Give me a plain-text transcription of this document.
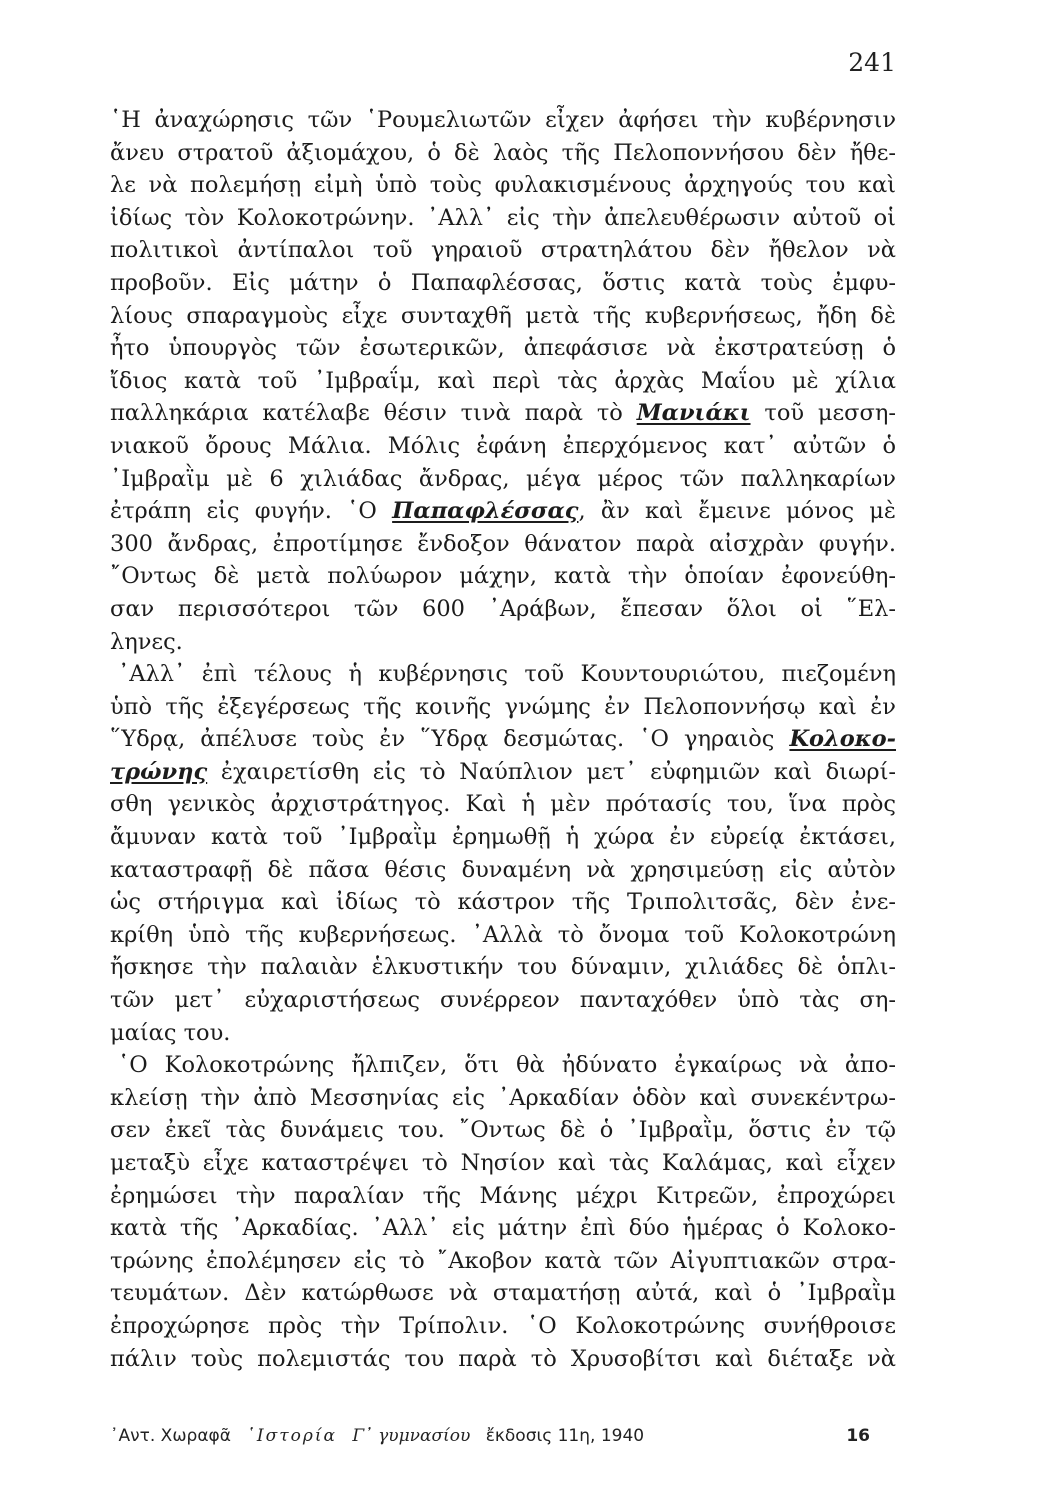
241
῾Η ἀναχώρησις τῶν ῾Ρουμελιωτῶν εἶχεν ἀφήσει τὴν κυβέρνησιν
ἄνευ στρατοῦ ἀξιομάχου, ὁ δὲ λαὸς τῆς Πελοποννήσου δὲν ἤθε-
λε νὰ πολεμήσῃ εἰμὴ ὑπὸ τοὺς φυλακισμένους ἀρχηγούς του καὶ
ἰδίως τὸν Κολοκοτρώνην. ᾿Αλλ᾿ εἰς τὴν ἀπελευθέρωσιν αὐτοῦ οἱ
πολιτικοὶ ἀντίπαλοι τοῦ γηραιοῦ στρατηλάτου δὲν ἤθελον νὰ
προβοῦν. Εἰς μάτην ὁ Παπαφλέσσας, ὅστις κατὰ τοὺς ἐμφυ-
λίους σπαραγμοὺς εἶχε συνταχθῆ μετὰ τῆς κυβερνήσεως, ἤδη δὲ
ἦτο ὑπουργὸς τῶν ἐσωτερικῶν, ἀπεφάσισε νὰ ἐκστρατεύσῃ ὁ
ἴδιος κατὰ τοῦ ᾿Ιμβραΐμ, καὶ περὶ τὰς ἀρχὰς Μαΐου μὲ χίλια
παλληκάρια κατέλαβε θέσιν τινὰ παρὰ τὸ Μανιάκι τοῦ μεσση-
νιακοῦ ὄρους Μάλια. Μόλις ἐφάνη ἐπερχόμενος κατ᾿ αὐτῶν ὁ
᾿Ιμβραῒμ μὲ 6 χιλιάδας ἄνδρας, μέγα μέρος τῶν παλληκαρίων
ἐτράπη εἰς φυγήν. ῾Ο Παπαφλέσσας, ἂν καὶ ἔμεινε μόνος μὲ
300 ἄνδρας, ἐπροτίμησε ἔνδοξον θάνατον παρὰ αἰσχρὰν φυγήν.
῎Οντως δὲ μετὰ πολύωρον μάχην, κατὰ τὴν ὁποίαν ἐφονεύθη-
σαν περισσότεροι τῶν 600 ᾿Αράβων, ἔπεσαν ὅλοι οἱ ῞Ελ-
ληνες.
᾿Αλλ᾿ ἐπὶ τέλους ἡ κυβέρνησις τοῦ Κουντουριώτου, πιεζομένη
ὑπὸ τῆς ἐξεγέρσεως τῆς κοινῆς γνώμης ἐν Πελοποννήσῳ καὶ ἐν
῞Υδρᾳ, ἀπέλυσε τοὺς ἐν ῞Υδρᾳ δεσμώτας. ῾Ο γηραιὸς Κολοκο-
τρώνης ἐχαιρετίσθη εἰς τὸ Ναύπλιον μετ᾿ εὐφημιῶν καὶ διωρί-
σθη γενικὸς ἀρχιστράτηγος. Καὶ ἡ μὲν πρότασίς του, ἵνα πρὸς
ἄμυναν κατὰ τοῦ ᾿Ιμβραῒμ ἐρημωθῇ ἡ χώρα ἐν εὐρείᾳ ἐκτάσει,
καταστραφῇ δὲ πᾶσα θέσις δυναμένη νὰ χρησιμεύσῃ εἰς αὐτὸν
ὡς στήριγμα καὶ ἰδίως τὸ κάστρον τῆς Τριπολιτσᾶς, δὲν ἐνε-
κρίθη ὑπὸ τῆς κυβερνήσεως. ᾿Αλλὰ τὸ ὄνομα τοῦ Κολοκοτρώνη
ἤσκησε τὴν παλαιὰν ἑλκυστικήν του δύναμιν, χιλιάδες δὲ ὁπλι-
τῶν μετ᾿ εὐχαριστήσεως συνέρρεον πανταχόθεν ὑπὸ τὰς ση-
μαίας του.
῾Ο Κολοκοτρώνης ἤλπιζεν, ὅτι θὰ ἠδύνατο ἐγκαίρως νὰ ἀπο-
κλείσῃ τὴν ἀπὸ Μεσσηνίας εἰς ᾿Αρκαδίαν ὁδὸν καὶ συνεκέντρω-
σεν ἐκεῖ τὰς δυνάμεις του. ῎Οντως δὲ ὁ ᾿Ιμβραῒμ, ὅστις ἐν τῷ
μεταξὺ εἶχε καταστρέψει τὸ Νησίον καὶ τὰς Καλάμας, καὶ εἶχεν
ἐρημώσει τὴν παραλίαν τῆς Μάνης μέχρι Κιτρεῶν, ἐπροχώρει
κατὰ τῆς ᾿Αρκαδίας. ᾿Αλλ᾿ εἰς μάτην ἐπὶ δύο ἡμέρας ὁ Κολοκο-
τρώνης ἐπολέμησεν εἰς τὸ ῎Ακοβον κατὰ τῶν Αἰγυπτιακῶν στρα-
τευμάτων. Δὲν κατώρθωσε νὰ σταματήσῃ αὐτά, καὶ ὁ ᾿Ιμβραῒμ
ἐπροχώρησε πρὸς τὴν Τρίπολιν. ῾Ο Κολοκοτρώνης συνήθροισε
πάλιν τοὺς πολεμιστάς του παρὰ τὸ Χρυσοβίτσι καὶ διέταξε νὰ
᾿Αντ. Χωραφᾶ ῾Ιστορία Γ᾿ γυμνασίου ἔκδοσις 11η, 1940	16
